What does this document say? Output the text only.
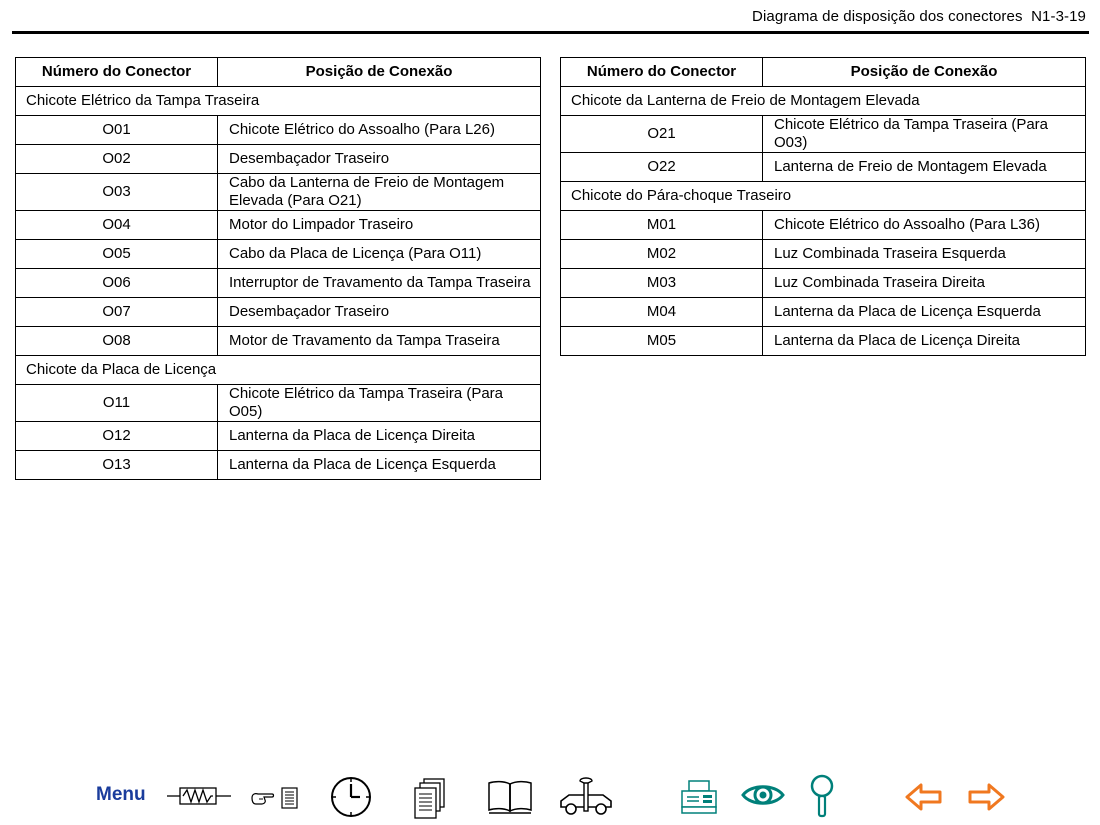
Diagrama de disposição dos conectores N1-3-19
Número do Conector	Posição de Conexão
Chicote Elétrico da Tampa Traseira	
O01	Chicote Elétrico do Assoalho (Para L26)
O02	Desembaçador Traseiro
O03	Cabo da Lanterna de Freio de Montagem Elevada (Para O21)
O04	Motor do Limpador Traseiro
O05	Cabo da Placa de Licença (Para O11)
O06	Interruptor de Travamento da Tampa Traseira
O07	Desembaçador Traseiro
O08	Motor de Travamento da Tampa Traseira
Chicote da Placa de Licença	
O11	Chicote Elétrico da Tampa Traseira (Para O05)
O12	Lanterna da Placa de Licença Direita
O13	Lanterna da Placa de Licença Esquerda
Número do Conector	Posição de Conexão
Chicote da Lanterna de Freio de Montagem Elevada	
O21	Chicote Elétrico da Tampa Traseira (Para O03)
O22	Lanterna de Freio de Montagem Elevada
Chicote do Pára-choque Traseiro	
M01	Chicote Elétrico do Assoalho (Para L36)
M02	Luz Combinada Traseira Esquerda
M03	Luz Combinada Traseira Direita
M04	Lanterna da Placa de Licença Esquerda
M05	Lanterna da Placa de Licença Direita
Menu
